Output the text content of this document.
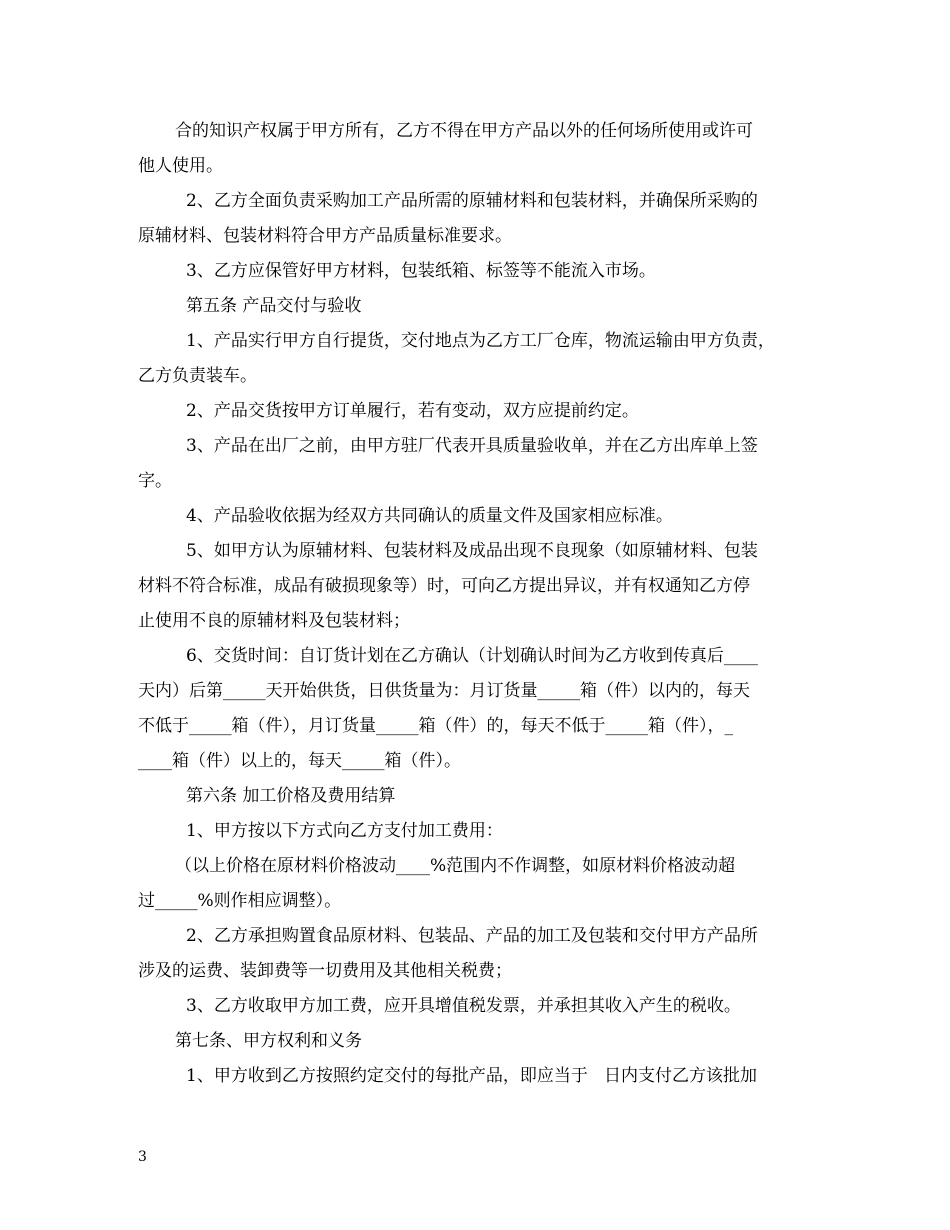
合的知识产权属于甲方所有，乙方不得在甲方产品以外的任何场所使用或许可
他人使用。
2、乙方全面负责采购加工产品所需的原辅材料和包装材料，并确保所采购的
原辅材料、包装材料符合甲方产品质量标准要求。
3、乙方应保管好甲方材料，包装纸箱、标签等不能流入市场。
第五条 产品交付与验收
1、产品实行甲方自行提货，交付地点为乙方工厂仓库，物流运输由甲方负责，
乙方负责装车。
2、产品交货按甲方订单履行，若有变动，双方应提前约定。
3、产品在出厂之前，由甲方驻厂代表开具质量验收单，并在乙方出库单上签
字。
4、产品验收依据为经双方共同确认的质量文件及国家相应标准。
5、如甲方认为原辅材料、包装材料及成品出现不良现象（如原辅材料、包装
材料不符合标准，成品有破损现象等）时，可向乙方提出异议，并有权通知乙方停
止使用不良的原辅材料及包装材料；
6、交货时间：自订货计划在乙方确认（计划确认时间为乙方收到传真后____
天内）后第_____天开始供货，日供货量为：月订货量_____箱（件）以内的，每天
不低于_____箱（件），月订货量_____箱（件）的，每天不低于_____箱（件），_
____箱（件）以上的，每天_____箱（件）。
第六条 加工价格及费用结算
1、甲方按以下方式向乙方支付加工费用：
（以上价格在原材料价格波动____%范围内不作调整，如原材料价格波动超
过_____%则作相应调整）。
2、乙方承担购置食品原材料、包装品、产品的加工及包装和交付甲方产品所
涉及的运费、装卸费等一切费用及其他相关税费；
3、乙方收取甲方加工费，应开具增值税发票，并承担其收入产生的税收。
第七条、甲方权利和义务
1、甲方收到乙方按照约定交付的每批产品，即应当于   日内支付乙方该批加
3
